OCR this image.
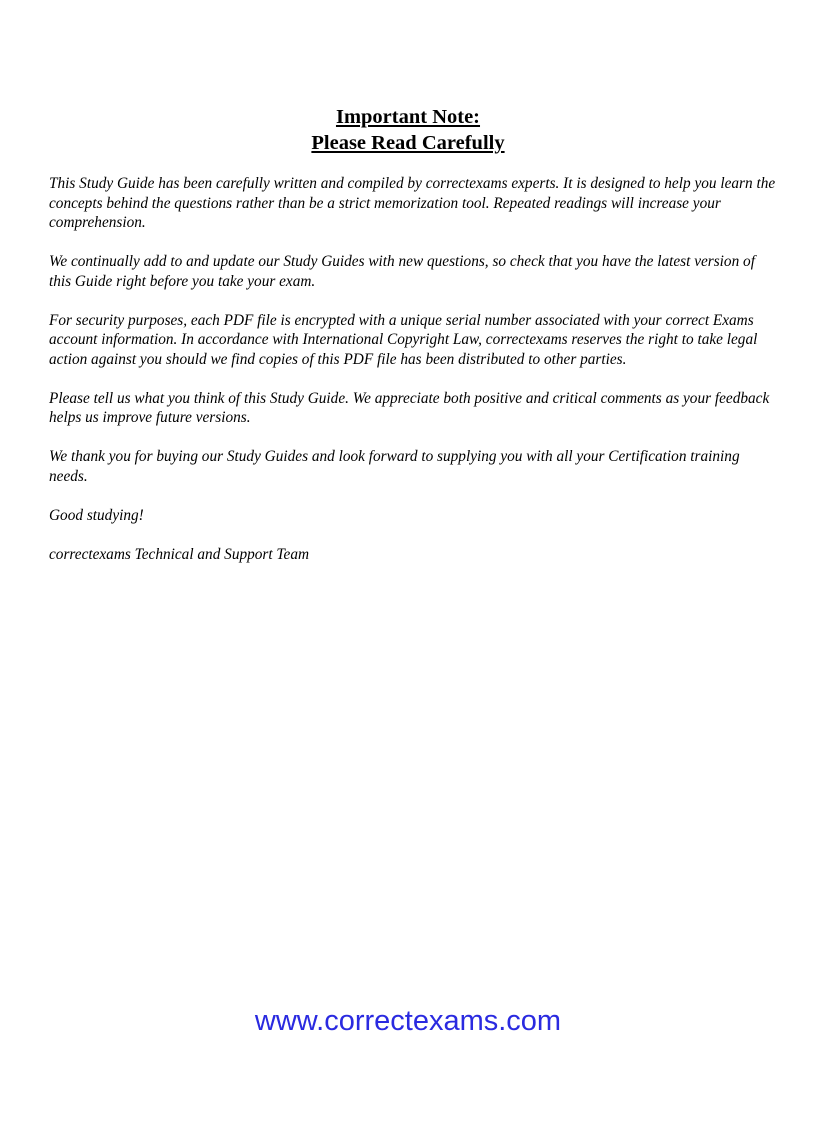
Important Note:
Please Read Carefully

This Study Guide has been carefully written and compiled by correctexams experts. It is designed to help you learn the concepts behind the questions rather than be a strict memorization tool. Repeated readings will increase your comprehension.

We continually add to and update our Study Guides with new questions, so check that you have the latest version of this Guide right before you take your exam.

For security purposes, each PDF file is encrypted with a unique serial number associated with your correct Exams account information. In accordance with International Copyright Law, correctexams reserves the right to take legal action against you should we find copies of this PDF file has been distributed to other parties.

Please tell us what you think of this Study Guide. We appreciate both positive and critical comments as your feedback helps us improve future versions.

We thank you for buying our Study Guides and look forward to supplying you with all your Certification training needs.

Good studying!

correctexams Technical and Support Team

www.correctexams.com
